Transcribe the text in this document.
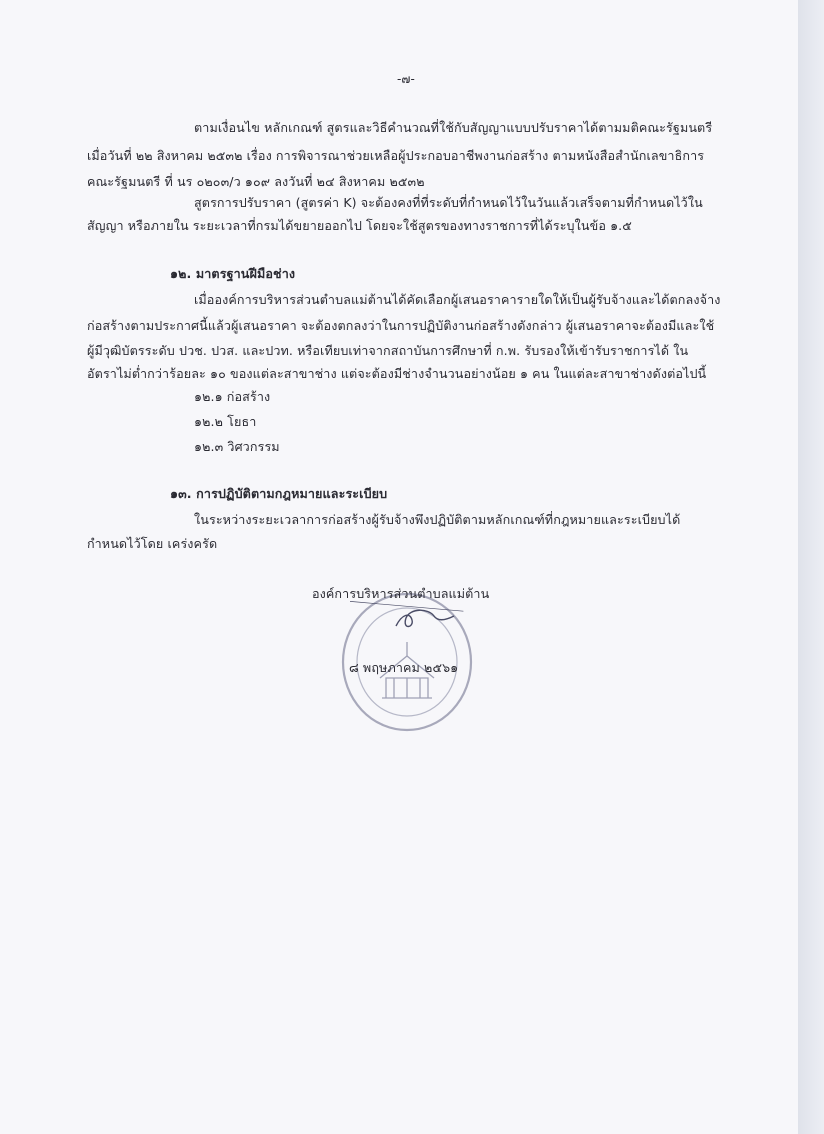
-๗-
ตามเงื่อนไข หลักเกณฑ์ สูตรและวิธีคำนวณที่ใช้กับสัญญาแบบปรับราคาได้ตามมติคณะรัฐมนตรี
เมื่อวันที่ ๒๒ สิงหาคม ๒๕๓๒ เรื่อง การพิจารณาช่วยเหลือผู้ประกอบอาชีพงานก่อสร้าง ตามหนังสือสำนักเลขาธิการ
คณะรัฐมนตรี ที่ นร ๐๒๐๓/ว ๑๐๙ ลงวันที่ ๒๔ สิงหาคม ๒๕๓๒
สูตรการปรับราคา (สูตรค่า K) จะต้องคงที่ที่ระดับที่กำหนดไว้ในวันแล้วเสร็จตามที่กำหนดไว้ใน
สัญญา หรือภายใน ระยะเวลาที่กรมได้ขยายออกไป โดยจะใช้สูตรของทางราชการที่ได้ระบุในข้อ ๑.๕
๑๒. มาตรฐานฝีมือช่าง
เมื่อองค์การบริหารส่วนตำบลแม่ต้านได้คัดเลือกผู้เสนอราคารายใดให้เป็นผู้รับจ้างและได้ตกลงจ้าง
ก่อสร้างตามประกาศนี้แล้วผู้เสนอราคา จะต้องตกลงว่าในการปฏิบัติงานก่อสร้างดังกล่าว ผู้เสนอราคาจะต้องมีและใช้
ผู้มีวุฒิบัตรระดับ ปวช. ปวส. และปวท. หรือเทียบเท่าจากสถาบันการศึกษาที่ ก.พ. รับรองให้เข้ารับราชการได้ ใน
อัตราไม่ต่ำกว่าร้อยละ ๑๐ ของแต่ละสาขาช่าง แต่จะต้องมีช่างจำนวนอย่างน้อย ๑ คน ในแต่ละสาขาช่างดังต่อไปนี้
๑๒.๑ ก่อสร้าง
๑๒.๒ โยธา
๑๒.๓ วิศวกรรม
๑๓. การปฏิบัติตามกฎหมายและระเบียบ
ในระหว่างระยะเวลาการก่อสร้างผู้รับจ้างพึงปฏิบัติตามหลักเกณฑ์ที่กฎหมายและระเบียบได้
กำหนดไว้โดย เคร่งครัด
องค์การบริหารส่วนตำบลแม่ต้าน
๘ พฤษภาคม ๒๕๖๑
